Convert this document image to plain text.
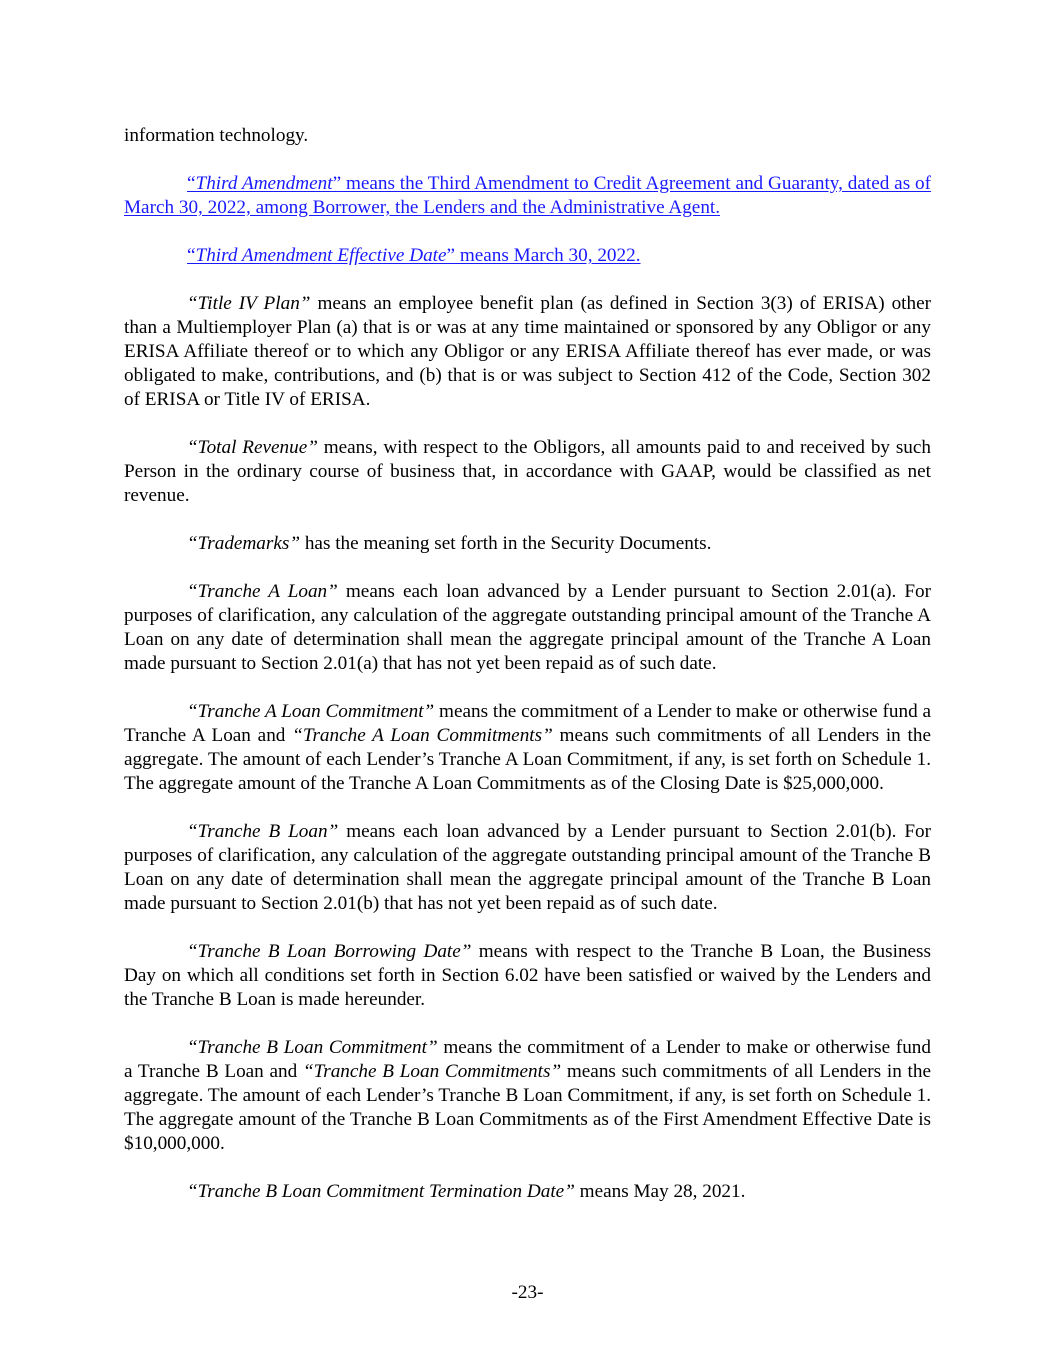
information technology.

“Third Amendment” means the Third Amendment to Credit Agreement and Guaranty, dated as of March 30, 2022, among Borrower, the Lenders and the Administrative Agent.

“Third Amendment Effective Date” means March 30, 2022.

“Title IV Plan” means an employee benefit plan (as defined in Section 3(3) of ERISA) other than a Multiemployer Plan (a) that is or was at any time maintained or sponsored by any Obligor or any ERISA Affiliate thereof or to which any Obligor or any ERISA Affiliate thereof has ever made, or was obligated to make, contributions, and (b) that is or was subject to Section 412 of the Code, Section 302 of ERISA or Title IV of ERISA.

“Total Revenue” means, with respect to the Obligors, all amounts paid to and received by such Person in the ordinary course of business that, in accordance with GAAP, would be classified as net revenue.

“Trademarks” has the meaning set forth in the Security Documents.

“Tranche A Loan” means each loan advanced by a Lender pursuant to Section 2.01(a). For purposes of clarification, any calculation of the aggregate outstanding principal amount of the Tranche A Loan on any date of determination shall mean the aggregate principal amount of the Tranche A Loan made pursuant to Section 2.01(a) that has not yet been repaid as of such date.

“Tranche A Loan Commitment” means the commitment of a Lender to make or otherwise fund a Tranche A Loan and “Tranche A Loan Commitments” means such commitments of all Lenders in the aggregate. The amount of each Lender’s Tranche A Loan Commitment, if any, is set forth on Schedule 1. The aggregate amount of the Tranche A Loan Commitments as of the Closing Date is $25,000,000.

“Tranche B Loan” means each loan advanced by a Lender pursuant to Section 2.01(b). For purposes of clarification, any calculation of the aggregate outstanding principal amount of the Tranche B Loan on any date of determination shall mean the aggregate principal amount of the Tranche B Loan made pursuant to Section 2.01(b) that has not yet been repaid as of such date.

“Tranche B Loan Borrowing Date” means with respect to the Tranche B Loan, the Business Day on which all conditions set forth in Section 6.02 have been satisfied or waived by the Lenders and the Tranche B Loan is made hereunder.

“Tranche B Loan Commitment” means the commitment of a Lender to make or otherwise fund a Tranche B Loan and “Tranche B Loan Commitments” means such commitments of all Lenders in the aggregate. The amount of each Lender’s Tranche B Loan Commitment, if any, is set forth on Schedule 1. The aggregate amount of the Tranche B Loan Commitments as of the First Amendment Effective Date is $10,000,000.

“Tranche B Loan Commitment Termination Date” means May 28, 2021.

-23-
